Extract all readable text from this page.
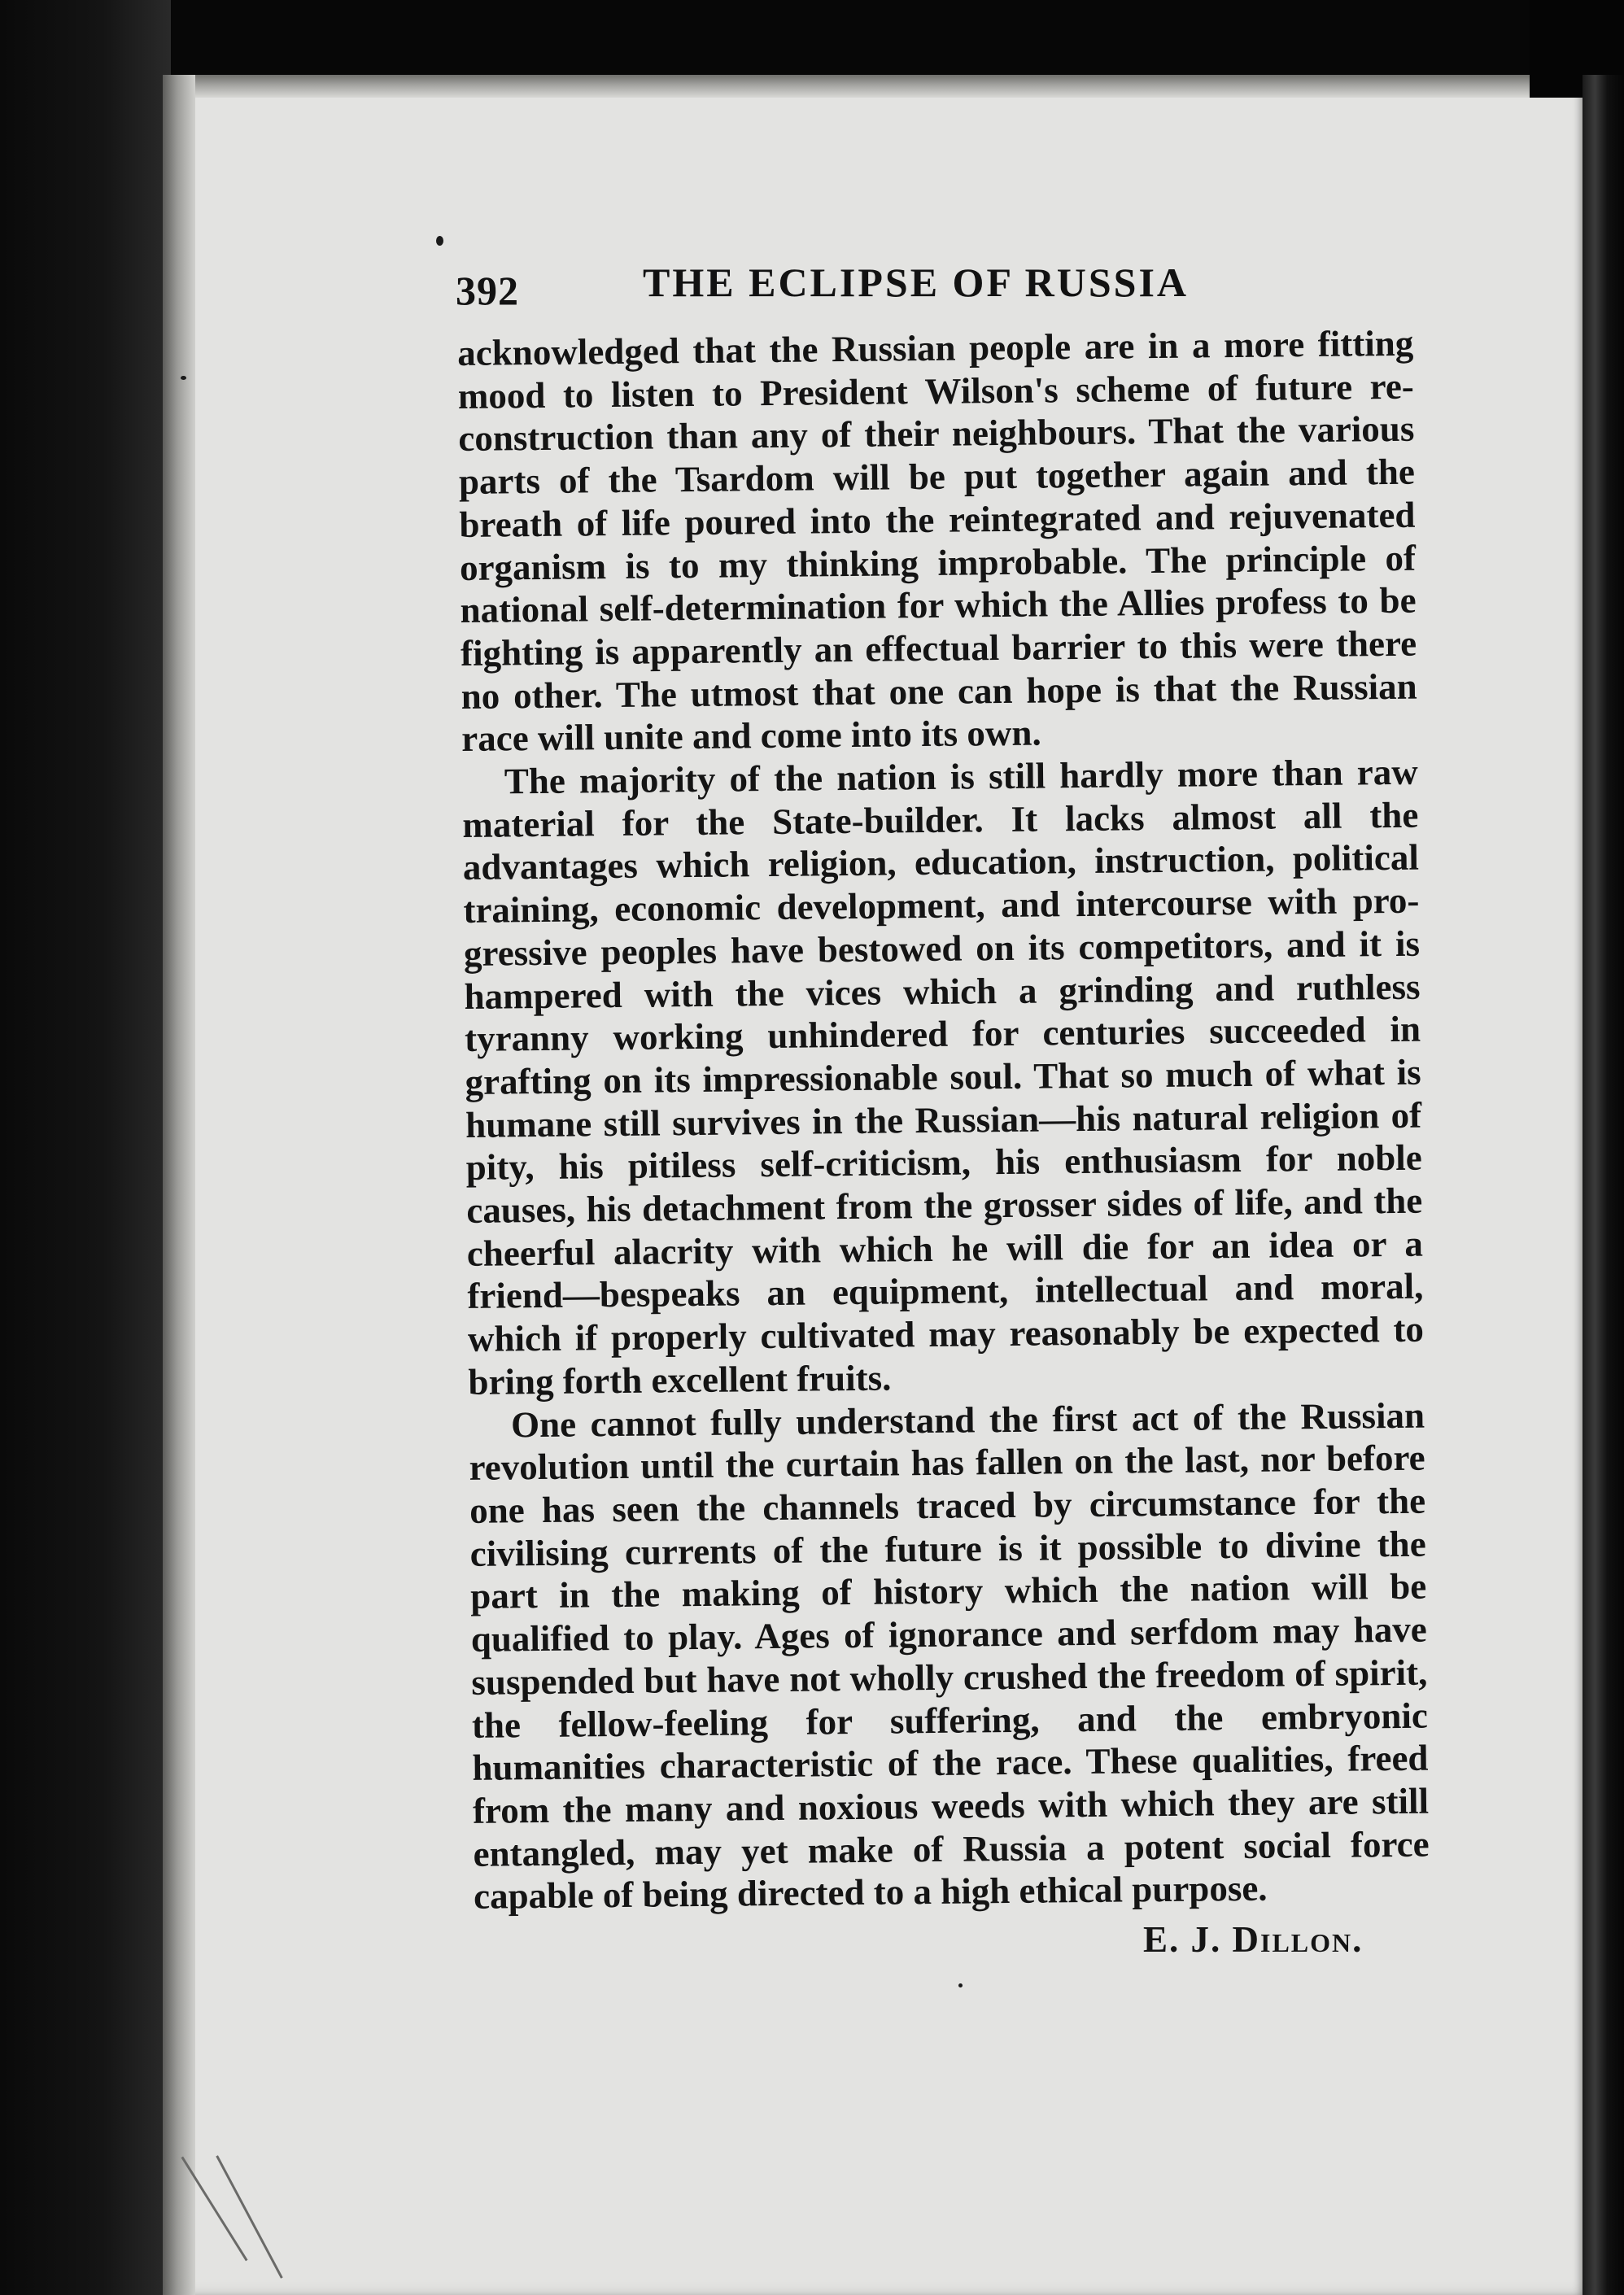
392	THE ECLIPSE OF RUSSIA

acknowledged that the Russian people are in a more fitting mood to listen to President Wilson's scheme of future re-construction than any of their neighbours. That the various parts of the Tsardom will be put together again and the breath of life poured into the reintegrated and rejuvenated organism is to my thinking improbable. The principle of national self-determination for which the Allies profess to be fighting is apparently an effectual barrier to this were there no other. The utmost that one can hope is that the Russian race will unite and come into its own.

The majority of the nation is still hardly more than raw material for the State-builder. It lacks almost all the advantages which religion, education, instruction, political training, economic development, and intercourse with pro-gressive peoples have bestowed on its competitors, and it is hampered with the vices which a grinding and ruthless tyranny working unhindered for centuries succeeded in grafting on its impressionable soul. That so much of what is humane still survives in the Russian—his natural religion of pity, his pitiless self-criticism, his enthusiasm for noble causes, his detachment from the grosser sides of life, and the cheerful alacrity with which he will die for an idea or a friend—bespeaks an equipment, intellectual and moral, which if properly cultivated may reasonably be expected to bring forth excellent fruits.

One cannot fully understand the first act of the Russian revolution until the curtain has fallen on the last, nor before one has seen the channels traced by circumstance for the civilising currents of the future is it possible to divine the part in the making of history which the nation will be qualified to play. Ages of ignorance and serfdom may have suspended but have not wholly crushed the freedom of spirit, the fellow-feeling for suffering, and the embryonic humanities characteristic of the race. These qualities, freed from the many and noxious weeds with which they are still entangled, may yet make of Russia a potent social force capable of being directed to a high ethical purpose.

E. J. Dillon.
